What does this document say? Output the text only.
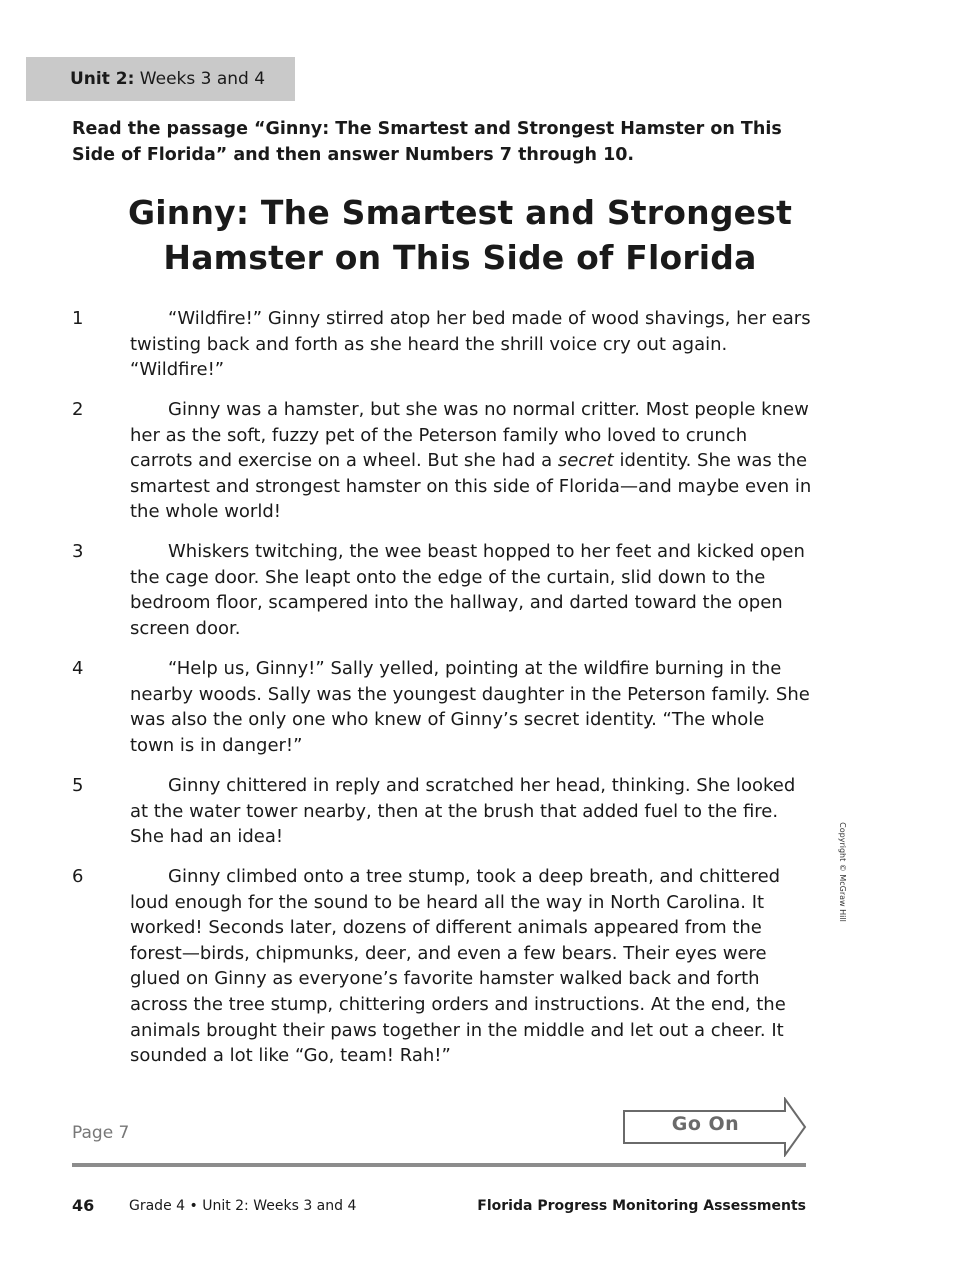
Unit 2: Weeks 3 and 4
Read the passage “Ginny: The Smartest and Strongest Hamster on This Side of Florida” and then answer Numbers 7 through 10.
Ginny: The Smartest and Strongest
Hamster on This Side of Florida
1	“Wildfire!” Ginny stirred atop her bed made of wood shavings, her ears twisting back and forth as she heard the shrill voice cry out again. “Wildfire!”
2	Ginny was a hamster, but she was no normal critter. Most people knew her as the soft, fuzzy pet of the Peterson family who loved to crunch carrots and exercise on a wheel. But she had a secret identity. She was the smartest and strongest hamster on this side of Florida—and maybe even in the whole world!
3	Whiskers twitching, the wee beast hopped to her feet and kicked open the cage door. She leapt onto the edge of the curtain, slid down to the bedroom floor, scampered into the hallway, and darted toward the open screen door.
4	“Help us, Ginny!” Sally yelled, pointing at the wildfire burning in the nearby woods. Sally was the youngest daughter in the Peterson family. She was also the only one who knew of Ginny’s secret identity. “The whole town is in danger!”
5	Ginny chittered in reply and scratched her head, thinking. She looked at the water tower nearby, then at the brush that added fuel to the fire. She had an idea!
6	Ginny climbed onto a tree stump, took a deep breath, and chittered loud enough for the sound to be heard all the way in North Carolina. It worked! Seconds later, dozens of different animals appeared from the forest—birds, chipmunks, deer, and even a few bears. Their eyes were glued on Ginny as everyone’s favorite hamster walked back and forth across the tree stump, chittering orders and instructions. At the end, the animals brought their paws together in the middle and let out a cheer. It sounded a lot like “Go, team! Rah!”
Copyright © McGraw Hill
Page 7	Go On
46 Grade 4 • Unit 2: Weeks 3 and 4	Florida Progress Monitoring Assessments
